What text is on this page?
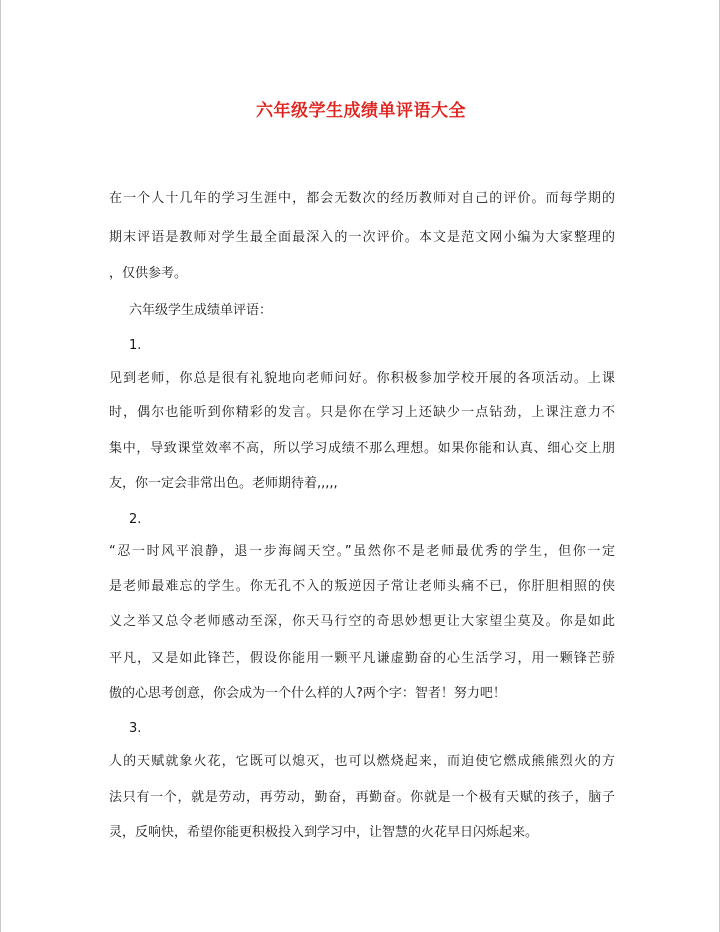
六年级学生成绩单评语大全
在一个人十几年的学习生涯中，都会无数次的经历教师对自己的评价。而每学期的
期末评语是教师对学生最全面最深入的一次评价。本文是范文网小编为大家整理的
，仅供参考。
六年级学生成绩单评语：
1.
见到老师，你总是很有礼貌地向老师问好。你积极参加学校开展的各项活动。上课
时，偶尔也能听到你精彩的发言。只是你在学习上还缺少一点钻劲，上课注意力不
集中，导致课堂效率不高，所以学习成绩不那么理想。如果你能和认真、细心交上朋
友，你一定会非常出色。老师期待着,,,,,
2.
“忍一时风平浪静，退一步海阔天空。”虽然你不是老师最优秀的学生，但你一定
是老师最难忘的学生。你无孔不入的叛逆因子常让老师头痛不已，你肝胆相照的侠
义之举又总令老师感动至深，你天马行空的奇思妙想更让大家望尘莫及。你是如此
平凡，又是如此锋芒，假设你能用一颗平凡谦虚勤奋的心生活学习，用一颗锋芒骄
傲的心思考创意，你会成为一个什么样的人?两个字：智者！努力吧！
3.
人的天赋就象火花，它既可以熄灭，也可以燃烧起来，而迫使它燃成熊熊烈火的方
法只有一个，就是劳动，再劳动，勤奋，再勤奋。你就是一个极有天赋的孩子，脑子
灵，反响快，希望你能更积极投入到学习中，让智慧的火花早日闪烁起来。
